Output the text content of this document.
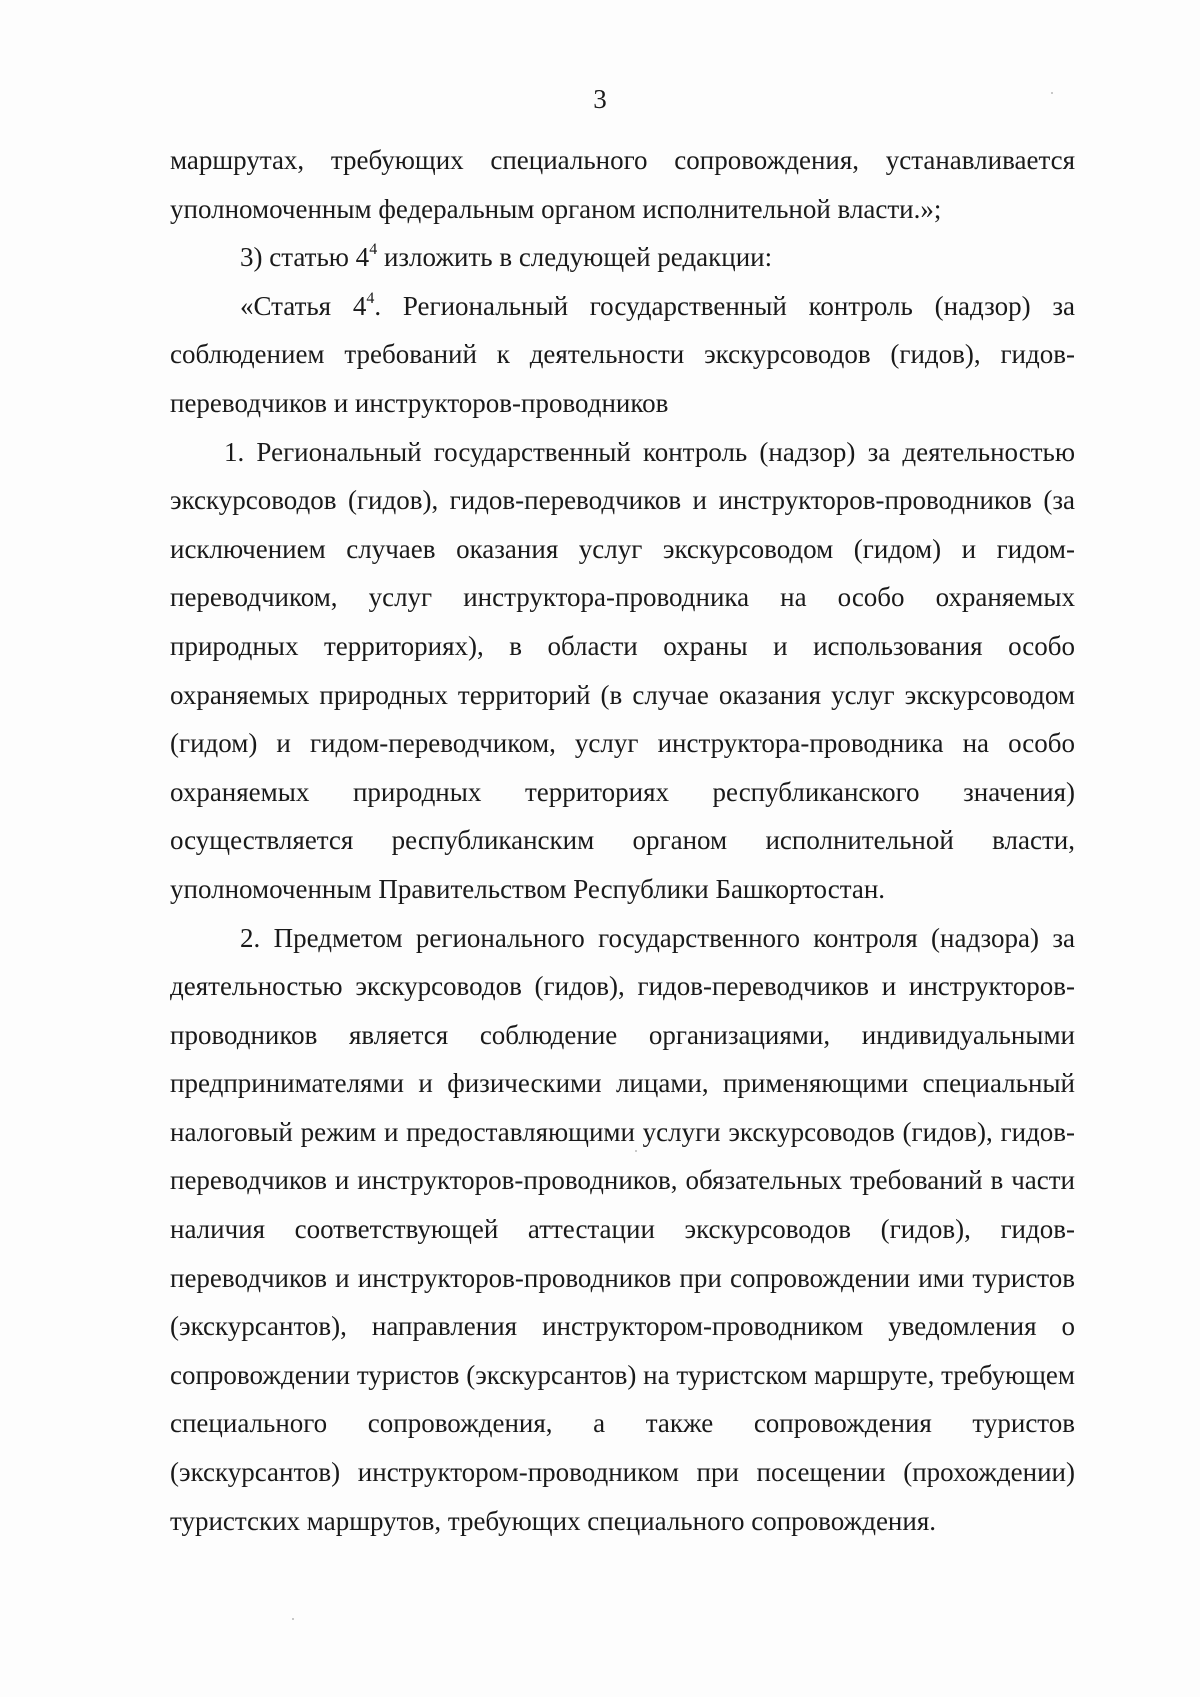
3

маршрутах, требующих специального сопровождения, устанавливается уполномоченным федеральным органом исполнительной власти.»;

3) статью $4^4$ изложить в следующей редакции:

«Статья $4^4$. Региональный государственный контроль (надзор) за соблюдением требований к деятельности экскурсоводов (гидов), гидов-переводчиков и инструкторов-проводников

1. Региональный государственный контроль (надзор) за деятельностью экскурсоводов (гидов), гидов-переводчиков и инструкторов-проводников (за исключением случаев оказания услуг экскурсоводом (гидом) и гидом-переводчиком, услуг инструктора-проводника на особо охраняемых природных территориях), в области охраны и использования особо охраняемых природных территорий (в случае оказания услуг экскурсоводом (гидом) и гидом-переводчиком, услуг инструктора-проводника на особо охраняемых природных территориях республиканского значения) осуществляется республиканским органом исполнительной власти, уполномоченным Правительством Республики Башкортостан.

2. Предметом регионального государственного контроля (надзора) за деятельностью экскурсоводов (гидов), гидов-переводчиков и инструкторов-проводников является соблюдение организациями, индивидуальными предпринимателями и физическими лицами, применяющими специальный налоговый режим и предоставляющими услуги экскурсоводов (гидов), гидов-переводчиков и инструкторов-проводников, обязательных требований в части наличия соответствующей аттестации экскурсоводов (гидов), гидов-переводчиков и инструкторов-проводников при сопровождении ими туристов (экскурсантов), направления инструктором-проводником уведомления о сопровождении туристов (экскурсантов) на туристском маршруте, требующем специального сопровождения, а также сопровождения туристов (экскурсантов) инструктором-проводником при посещении (прохождении) туристских маршрутов, требующих специального сопровождения.
